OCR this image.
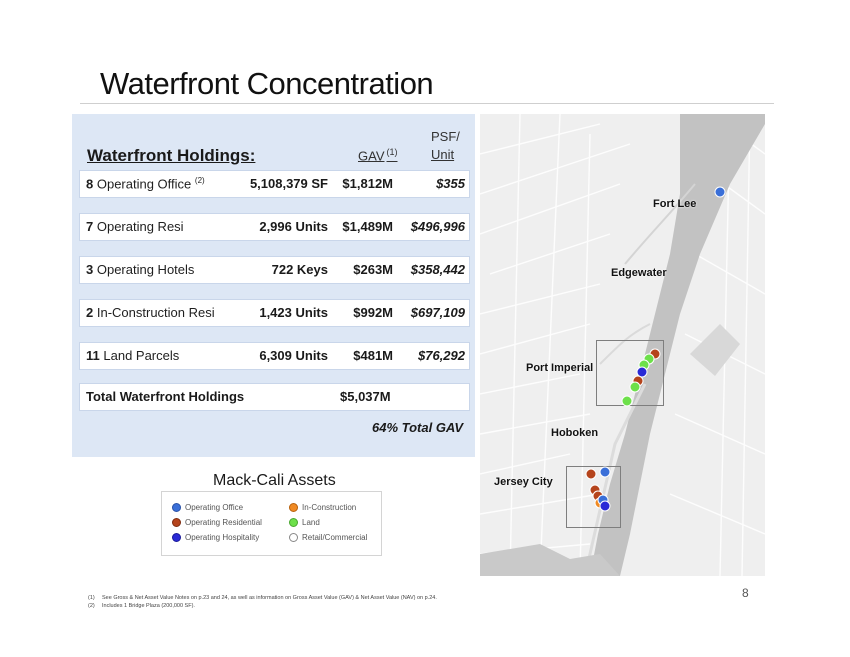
Waterfront Concentration
Waterfront Holdings:	GAV $^{(1)}$
PSF/
Unit
8 Operating Office $^{(2)}$	5,108,379 SF $1,812M	$355
7 Operating Resi	2,996 Units $1,489M $496,996
3 Operating Hotels	722 Keys $263M $358,442
2 In-Construction Resi	1,423 Units $992M $697,109
11 Land Parcels	6,309 Units $481M $76,292
Total Waterfront Holdings	$5,037M
64% Total GAV
Mack-Cali Assets
Operating Office
Operating Residential
Operating Hospitality
In-Construction
Land
Retail/Commercial
Fort Lee
Edgewater
Port Imperial
Hoboken
Jersey City
(1) See Gross & Net Asset Value Notes on p.23 and 24, as well as information on Gross Asset Value (GAV) & Net Asset Value (NAV) on p.24.
(2) Includes 1 Bridge Plaza (200,000 SF).
8
